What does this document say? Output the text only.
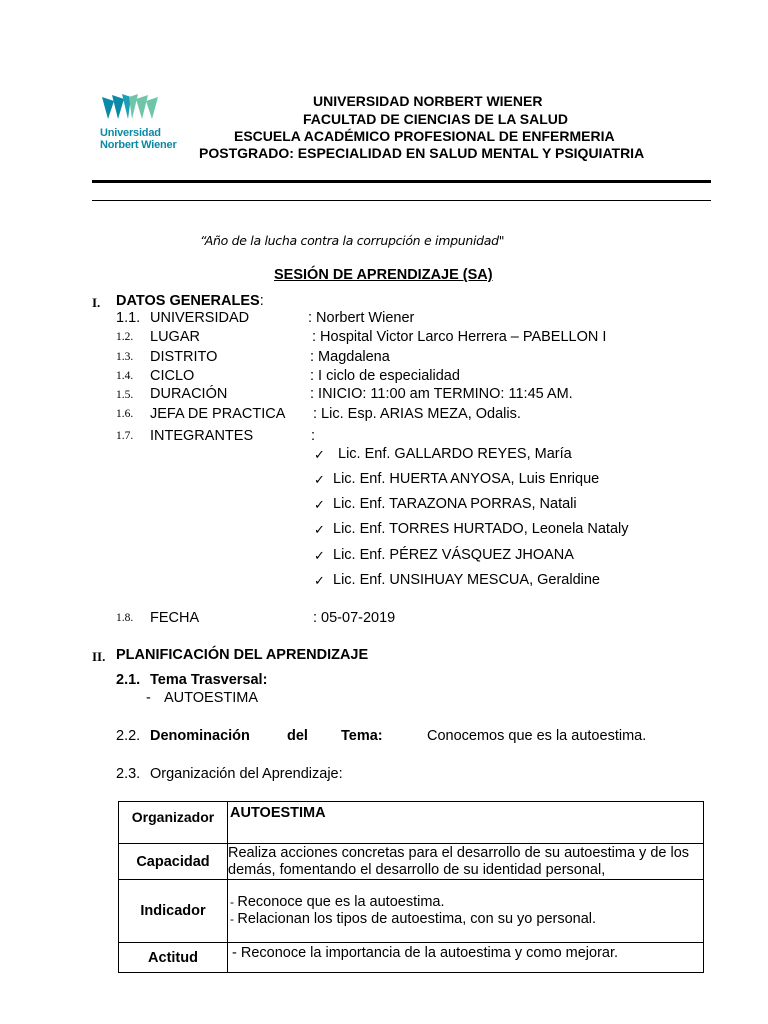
Universidad
Norbert Wiener
UNIVERSIDAD NORBERT WIENER
FACULTAD DE CIENCIAS DE LA SALUD
ESCUELA ACADÉMICO PROFESIONAL DE ENFERMERIA
POSTGRADO: ESPECIALIDAD EN SALUD MENTAL Y PSIQUIATRIA
“Año de la lucha contra la corrupción e impunidad"
SESIÓN DE APRENDIZAJE (SA)
I. DATOS GENERALES:
1.1. UNIVERSIDAD	: Norbert Wiener
1.2. LUGAR	: Hospital Victor Larco Herrera – PABELLON I
1.3. DISTRITO	: Magdalena
1.4. CICLO	: I ciclo de especialidad
1.5. DURACIÓN	: INICIO: 11:00 am TERMINO: 11:45 AM.
1.6. JEFA DE PRACTICA : Lic. Esp. ARIAS MEZA, Odalis.
1.7. INTEGRANTES	:
✓ Lic. Enf. GALLARDO REYES, María
✓ Lic. Enf. HUERTA ANYOSA, Luis Enrique
✓ Lic. Enf. TARAZONA PORRAS, Natali
✓ Lic. Enf. TORRES HURTADO, Leonela Nataly
✓ Lic. Enf. PÉREZ VÁSQUEZ JHOANA
✓ Lic. Enf. UNSIHUAY MESCUA, Geraldine
1.8. FECHA	: 05-07-2019
II. PLANIFICACIÓN DEL APRENDIZAJE
2.1. Tema Trasversal:
- AUTOESTIMA
2.2. Denominación	del Tema:	Conocemos que es la autoestima.
2.3. Organización del Aprendizaje:
Organizador	AUTOESTIMA
Capacidad	Realiza acciones concretas para el desarrollo de su autoestima y de los demás, fomentando el desarrollo de su identidad personal,
Indicador	- Reconoce que es la autoestima.
- Relacionan los tipos de autoestima, con su yo personal.

Actitud	- Reconoce la importancia de la autoestima y como mejorar.
